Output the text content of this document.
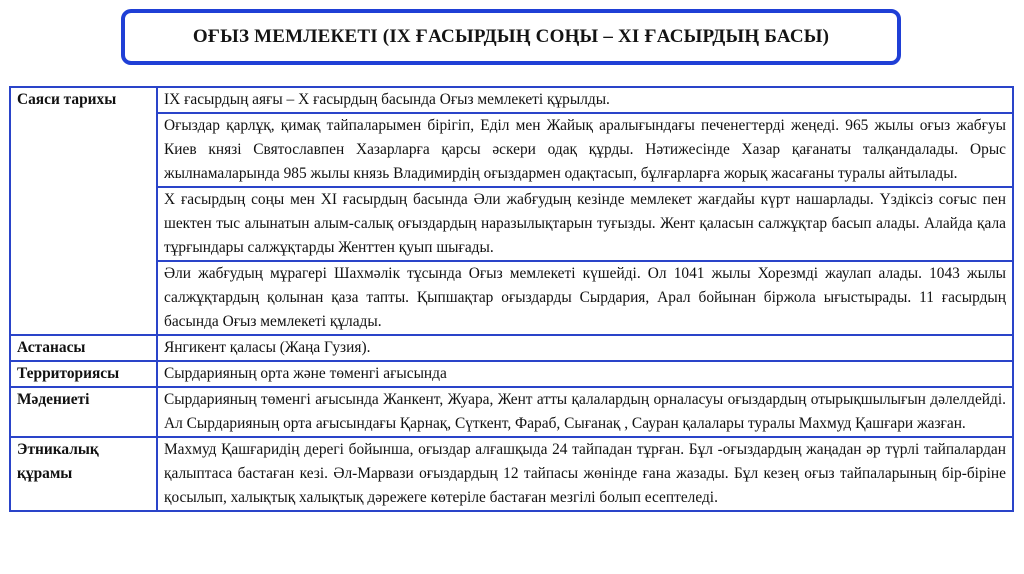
ОҒЫЗ МЕМЛЕКЕТІ (IX ҒАСЫРДЫҢ СОҢЫ – XI ҒАСЫРДЫҢ БАСЫ)
Саяси тарихы	IX ғасырдың аяғы – Х ғасырдың басында Оғыз мемлекеті құрылды.
Оғыздар қарлұқ, қимақ тайпаларымен бірігіп, Еділ мен Жайық аралығындағы печенегтерді жеңеді. 965 жылы оғыз жабғуы Киев князі Святославпен Хазарларға қарсы әскери одақ құрды. Нәтижесінде Хазар қағанаты талқандалады. Орыс жылнамаларында 985 жылы князь Владимирдің оғыздармен одақтасып, бұлғарларға жорық жасағаны туралы айтылады.
Х ғасырдың соңы мен XI ғасырдың басында Әли жабғудың кезінде мемлекет жағдайы күрт нашарлады. Үздіксіз соғыс пен шектен тыс алынатын алым-салық оғыздардың наразылықтарын туғызды. Жент қаласын салжұқтар басып алады. Алайда қала тұрғындары салжұқтарды Женттен қуып шығады.
Әли жабғудың мұрагері Шахмәлік тұсында Оғыз мемлекеті күшейді. Ол 1041 жылы Хорезмді жаулап алады. 1043 жылы салжұқтардың қолынан қаза тапты. Қыпшақтар оғыздарды Сырдария, Арал бойынан біржола ығыстырады. 11 ғасырдың басында Оғыз мемлекеті құлады.

Астанасы	Янгикент қаласы (Жаңа Гузия).
Территориясы	Сырдарияның орта және төменгі ағысында
Мәдениеті	Сырдарияның төменгі ағысында Жанкент, Жуара, Жент атты қалалардың орналасуы оғыздардың отырықшылығын дәлелдейді. Ал Сырдарияның орта ағысындағы Қарнақ, Сүткент, Фараб, Сығанақ , Сауран қалалары туралы Махмуд Қашғари жазған.
Этникалық құрамы	Махмуд Қашғаридің дерегі бойынша, оғыздар алғашқыда 24 тайпадан тұрған. Бұл -оғыздардың жаңадан әр түрлі тайпалардан қалыптаса бастаған кезі. Әл-Марвази оғыздардың 12 тайпасы жөнінде ғана жазады. Бұл кезең оғыз тайпаларының бір-біріне қосылып, халықтық халықтық дәрежеге көтеріле бастаған мезгілі болып есептеледі.
